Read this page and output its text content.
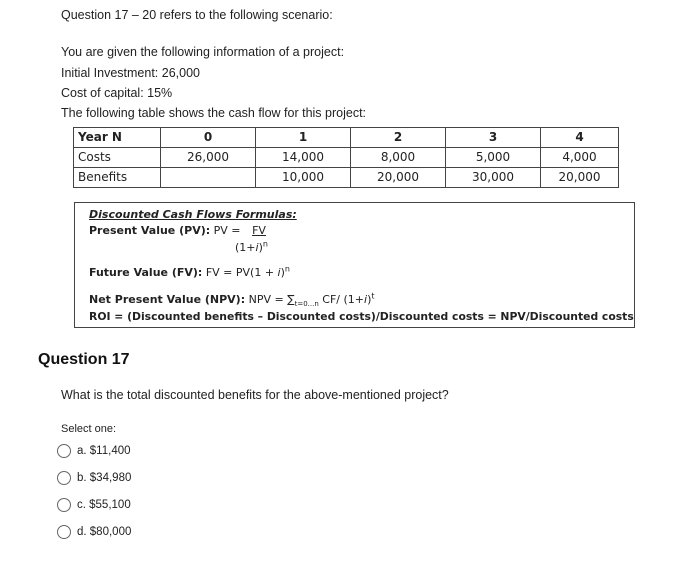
Question 17 – 20 refers to the following scenario:
You are given the following information of a project:
Initial Investment: 26,000
Cost of capital: 15%
The following table shows the cash flow for this project:
Year N	0	1	2	3	4
Costs	26,000	14,000	8,000	5,000	4,000
Benefits		10,000	20,000	30,000	20,000
Discounted Cash Flows Formulas:
Present Value (PV): PV = FV
$(1+i)^n$
Future Value (FV): FV = $PV(1 + i)^n$
Net Present Value (NPV): NPV = $\sum_{t=0...n}$ CF/ $(1+i)^t$
ROI = (Discounted benefits – Discounted costs)/Discounted costs = NPV/Discounted costs
Question 17
What is the total discounted benefits for the above-mentioned project?
Select one:
a. $11,400
b. $34,980
c. $55,100
d. $80,000
